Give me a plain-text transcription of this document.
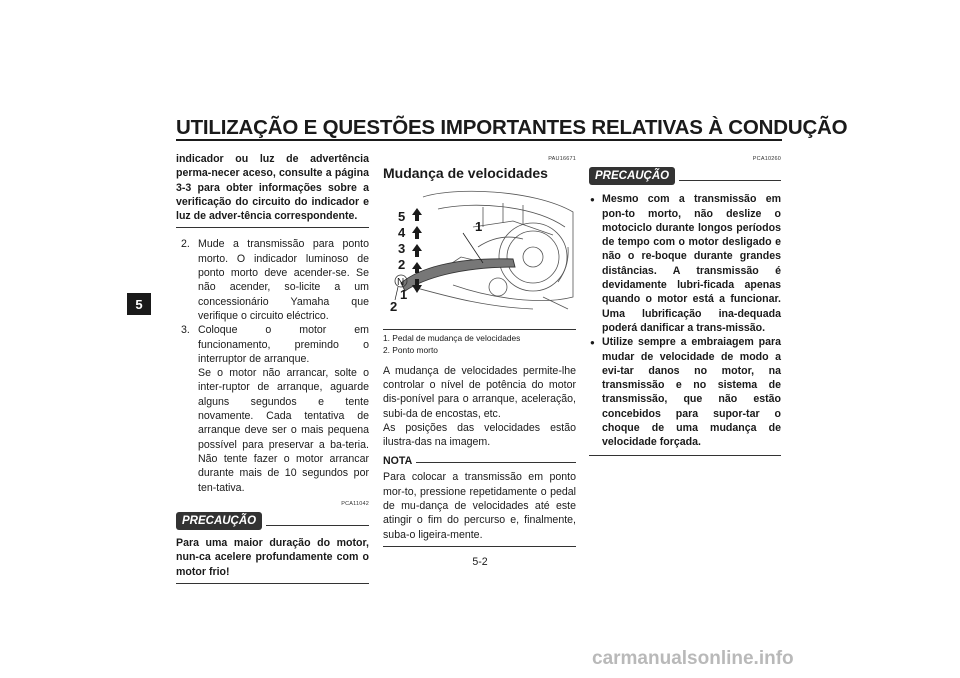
UTILIZAÇÃO E QUESTÕES IMPORTANTES RELATIVAS À CONDUÇÃO
5
indicador ou luz de advertência perma-necer aceso, consulte a página 3-3 para obter informações sobre a verificação do circuito do indicador e luz de adver-tência correspondente.
2. Mude a transmissão para ponto morto. O indicador luminoso de ponto morto deve acender-se. Se não acender, so-licite a um concessionário Yamaha que verifique o circuito eléctrico.
3. Coloque o motor em funcionamento, premindo o interruptor de arranque.
Se o motor não arrancar, solte o inter-ruptor de arranque, aguarde alguns segundos e tente novamente. Cada tentativa de arranque deve ser o mais pequena possível para preservar a ba-teria. Não tente fazer o motor arrancar durante mais de 10 segundos por ten-tativa.
PCA11042
PRECAUÇÃO
Para uma maior duração do motor, nun-ca acelere profundamente com o motor frio!
PAU16671
Mudança de velocidades
5
4
3
2
1
N
1
2
1. Pedal de mudança de velocidades
2. Ponto morto
A mudança de velocidades permite-lhe controlar o nível de potência do motor dis-ponível para o arranque, aceleração, subi-da de encostas, etc.
As posições das velocidades estão ilustra-das na imagem.
NOTA
Para colocar a transmissão em ponto mor-to, pressione repetidamente o pedal de mu-dança de velocidades até este atingir o fim do percurso e, finalmente, suba-o ligeira-mente.
PCA10260
PRECAUÇÃO
● Mesmo com a transmissão em pon-to morto, não deslize o motociclo durante longos períodos de tempo com o motor desligado e não o re-boque durante grandes distâncias. A transmissão é devidamente lubri-ficada apenas quando o motor está a funcionar. Uma lubrificação ina-dequada poderá danificar a trans-missão.
● Utilize sempre a embraiagem para mudar de velocidade de modo a evi-tar danos no motor, na transmissão e no sistema de transmissão, que não estão concebidos para supor-tar o choque de uma mudança de velocidade forçada.
5-2
carmanualsonline.info
